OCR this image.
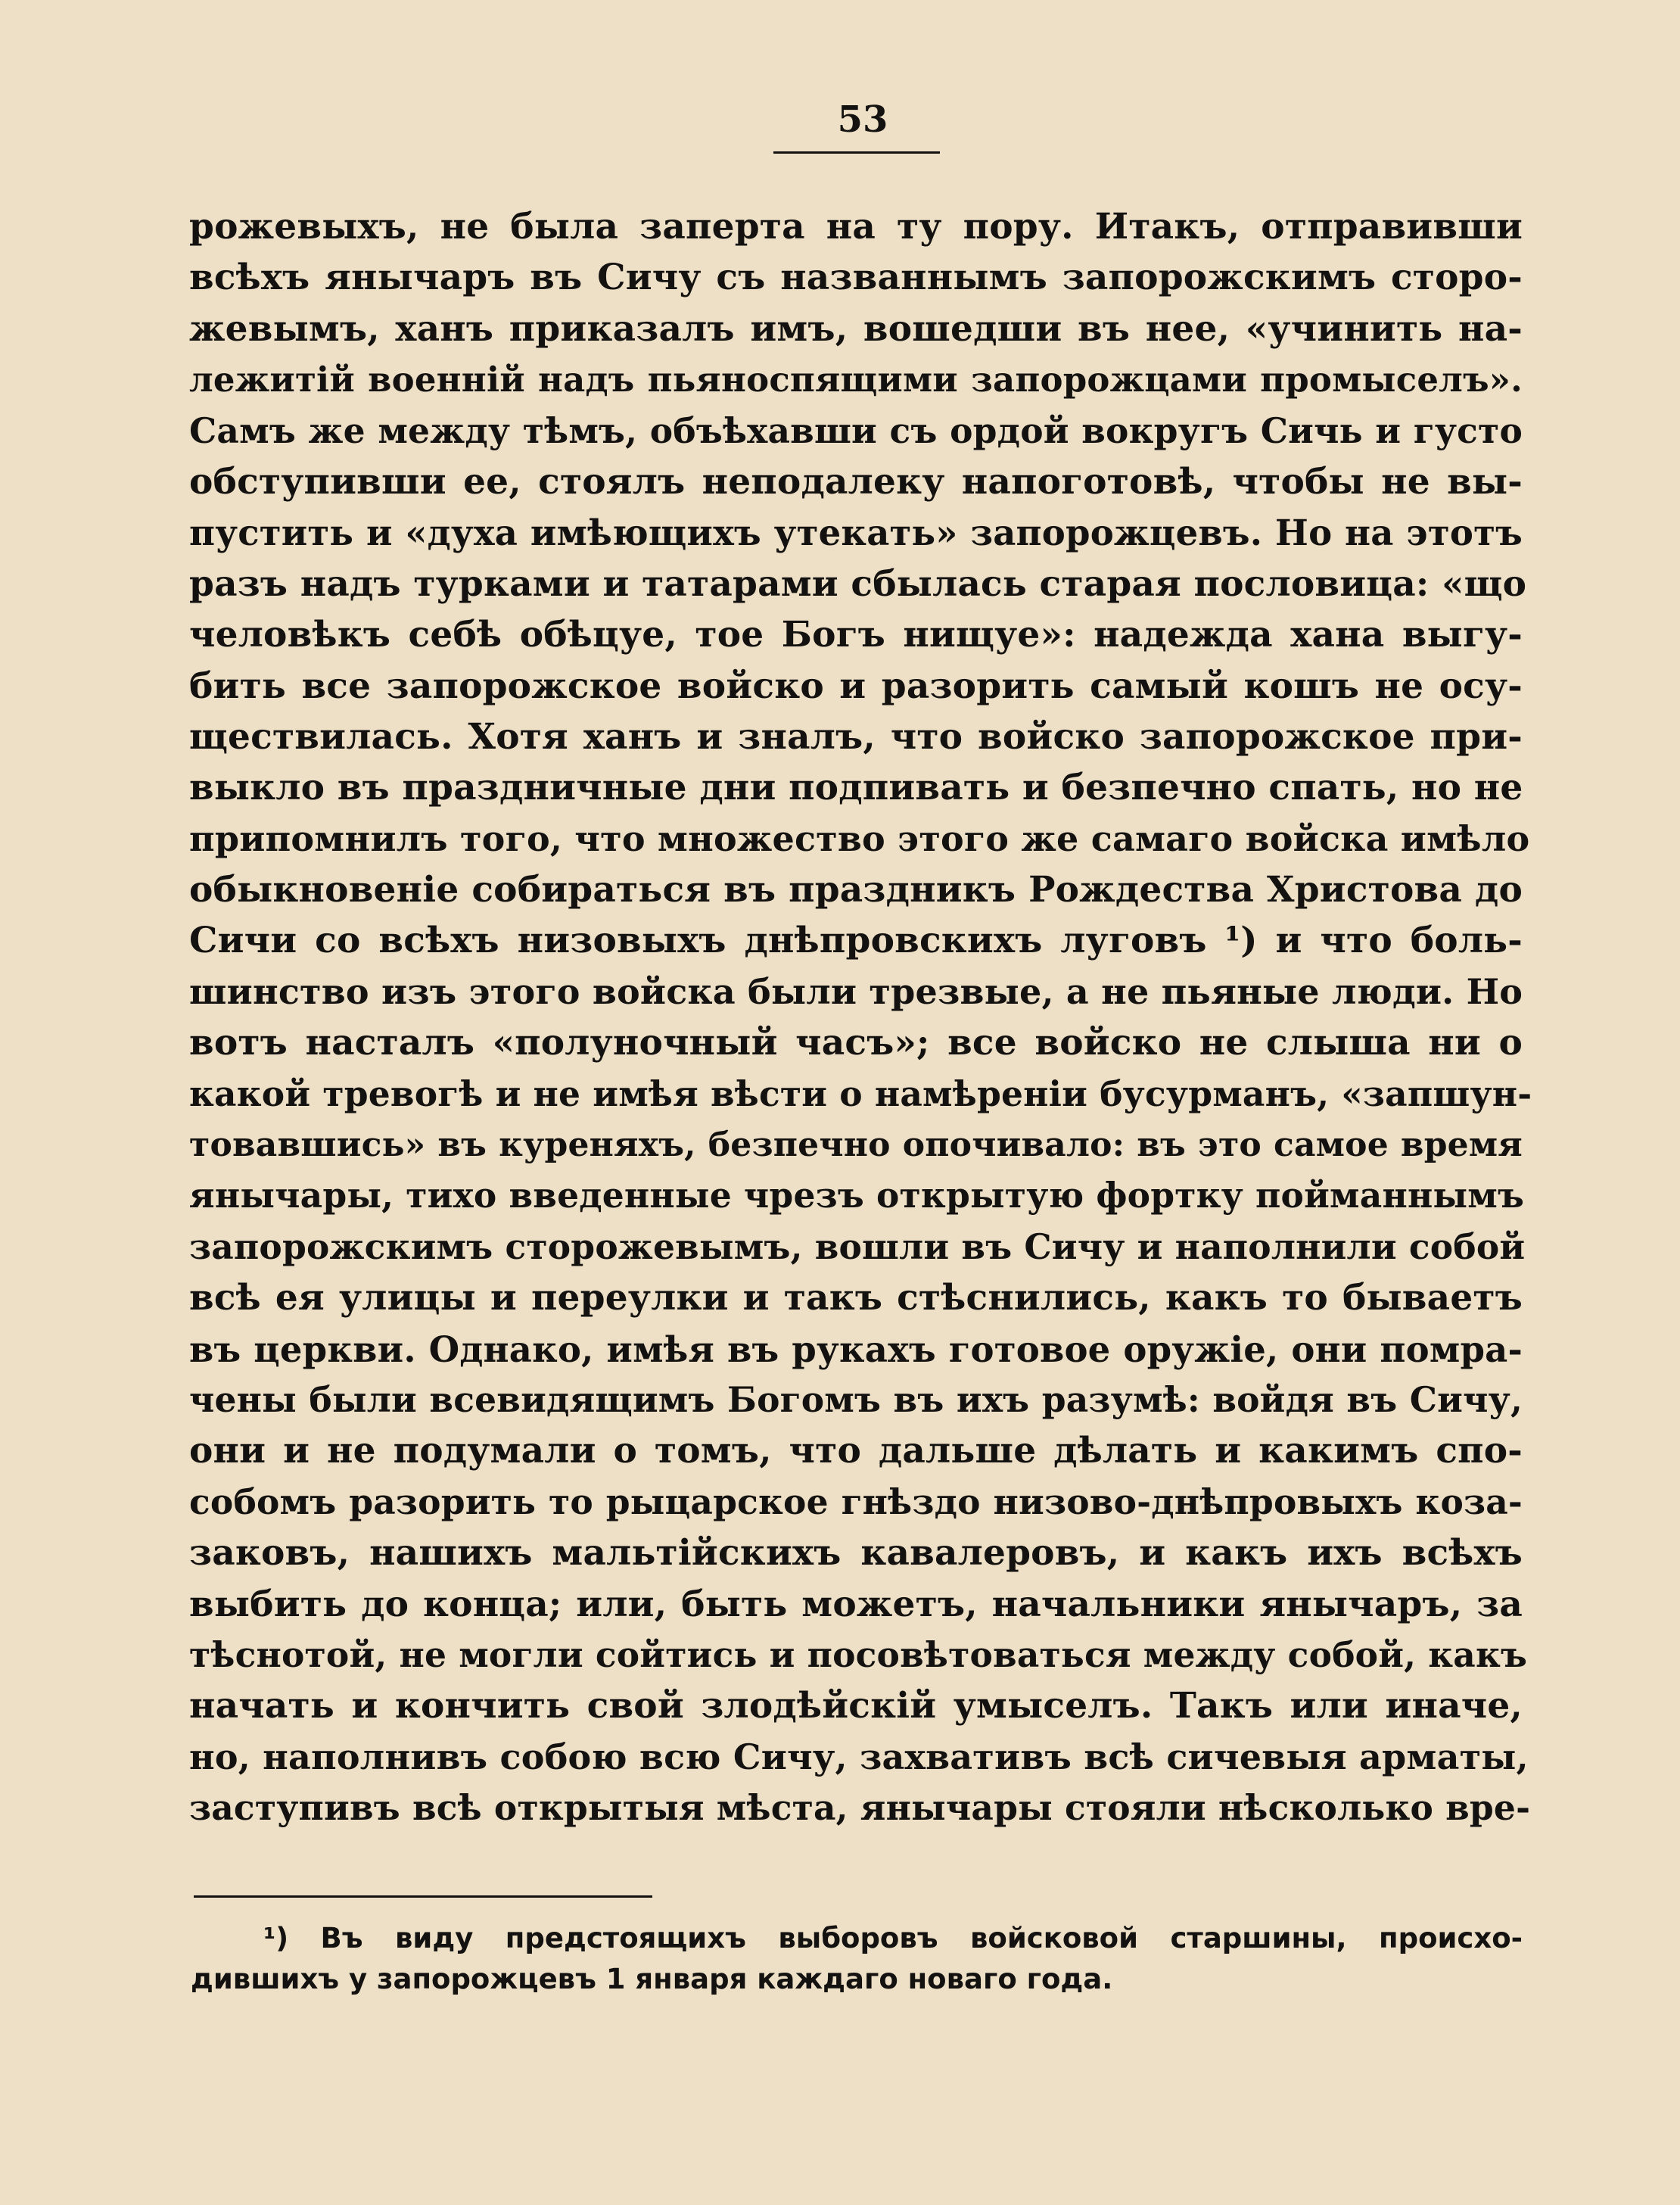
53
рожевыхъ, не была заперта на ту пору. Итакъ, отправивши
всѣхъ янычаръ въ Сичу съ названнымъ запорожскимъ сторо-
жевымъ, ханъ приказалъ имъ, вошедши въ нее, «учинить на-
лежитій военній надъ пьяноспящими запорожцами промыселъ».
Самъ же между тѣмъ, объѣхавши съ ордой вокругъ Сичь и густо
обступивши ее, стоялъ неподалеку напоготовѣ, чтобы не вы-
пустить и «духа имѣющихъ утекать» запорожцевъ. Но на этотъ
разъ надъ турками и татарами сбылась старая пословица: «що
человѣкъ себѣ обѣцуе, тое Богъ нищуе»: надежда хана выгу-
бить все запорожское войско и разорить самый кошъ не осу-
ществилась. Хотя ханъ и зналъ, что войско запорожское при-
выкло въ праздничные дни подпивать и безпечно спать, но не
припомнилъ того, что множество этого же самаго войска имѣло
обыкновеніе собираться въ праздникъ Рождества Христова до
Сичи со всѣхъ низовыхъ днѣпровскихъ луговъ ¹) и что боль-
шинство изъ этого войска были трезвые, а не пьяные люди. Но
вотъ насталъ «полуночный часъ»; все войско не слыша ни о
какой тревогѣ и не имѣя вѣсти о намѣреніи бусурманъ, «запшун-
товавшись» въ куреняхъ, безпечно опочивало: въ это самое время
янычары, тихо введенные чрезъ открытую фортку пойманнымъ
запорожскимъ сторожевымъ, вошли въ Сичу и наполнили собой
всѣ ея улицы и переулки и такъ стѣснились, какъ то бываетъ
въ церкви. Однако, имѣя въ рукахъ готовое оружіе, они помра-
чены были всевидящимъ Богомъ въ ихъ разумѣ: войдя въ Сичу,
они и не подумали о томъ, что дальше дѣлать и какимъ спо-
собомъ разорить то рыцарское гнѣздо низово-днѣпровыхъ коза-
заковъ, нашихъ мальтійскихъ кавалеровъ, и какъ ихъ всѣхъ
выбить до конца; или, быть можетъ, начальники янычаръ, за
тѣснотой, не могли сойтись и посовѣтоваться между собой, какъ
начать и кончить свой злодѣйскій умыселъ. Такъ или иначе,
но, наполнивъ собою всю Сичу, захвативъ всѣ сичевыя арматы,
заступивъ всѣ открытыя мѣста, янычары стояли нѣсколько вре-
¹) Въ виду предстоящихъ выборовъ войсковой старшины, происхо-
дившихъ у запорожцевъ 1 января каждаго новаго года.
